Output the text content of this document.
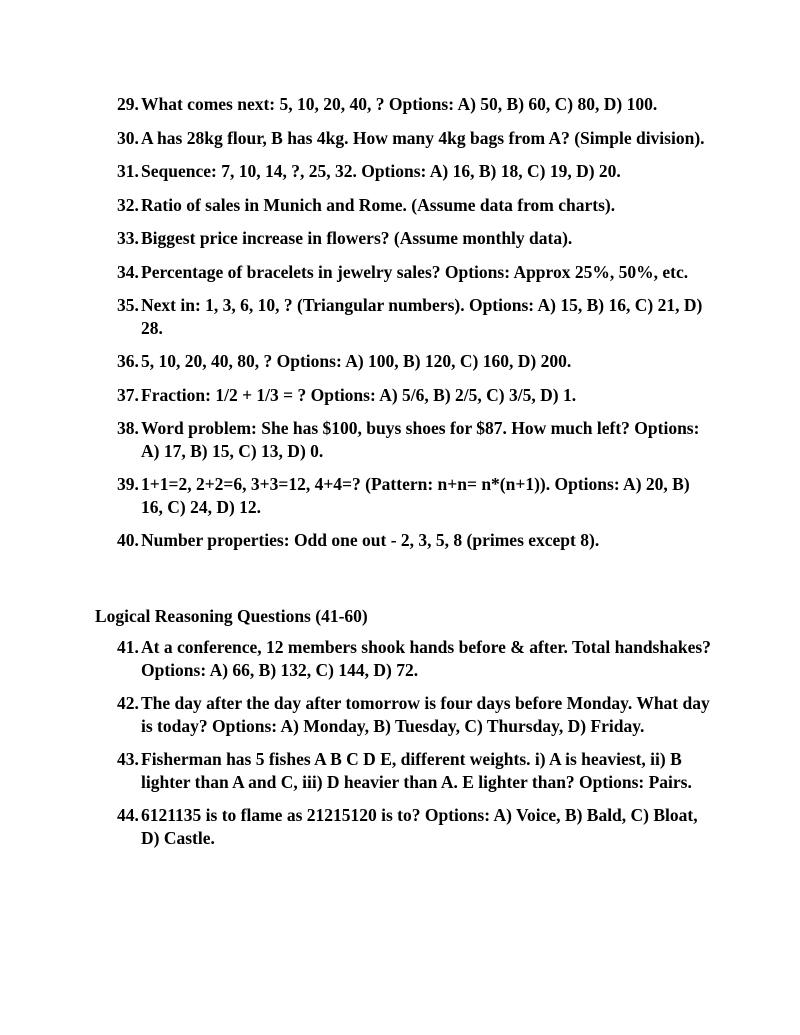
29. What comes next: 5, 10, 20, 40, ? Options: A) 50, B) 60, C) 80, D) 100.
30. A has 28kg flour, B has 4kg. How many 4kg bags from A? (Simple division).
31. Sequence: 7, 10, 14, ?, 25, 32. Options: A) 16, B) 18, C) 19, D) 20.
32. Ratio of sales in Munich and Rome. (Assume data from charts).
33. Biggest price increase in flowers? (Assume monthly data).
34. Percentage of bracelets in jewelry sales? Options: Approx 25%, 50%, etc.
35. Next in: 1, 3, 6, 10, ? (Triangular numbers). Options: A) 15, B) 16, C) 21, D) 28.
36. 5, 10, 20, 40, 80, ? Options: A) 100, B) 120, C) 160, D) 200.
37. Fraction: 1/2 + 1/3 = ? Options: A) 5/6, B) 2/5, C) 3/5, D) 1.
38. Word problem: She has $100, buys shoes for $87. How much left? Options: A) 17, B) 15, C) 13, D) 0.
39. 1+1=2, 2+2=6, 3+3=12, 4+4=? (Pattern: n+n= n*(n+1)). Options: A) 20, B) 16, C) 24, D) 12.
40. Number properties: Odd one out - 2, 3, 5, 8 (primes except 8).
Logical Reasoning Questions (41-60)
41. At a conference, 12 members shook hands before & after. Total handshakes? Options: A) 66, B) 132, C) 144, D) 72.
42. The day after the day after tomorrow is four days before Monday. What day is today? Options: A) Monday, B) Tuesday, C) Thursday, D) Friday.
43. Fisherman has 5 fishes A B C D E, different weights. i) A is heaviest, ii) B lighter than A and C, iii) D heavier than A. E lighter than? Options: Pairs.
44. 6121135 is to flame as 21215120 is to? Options: A) Voice, B) Bald, C) Bloat, D) Castle.
